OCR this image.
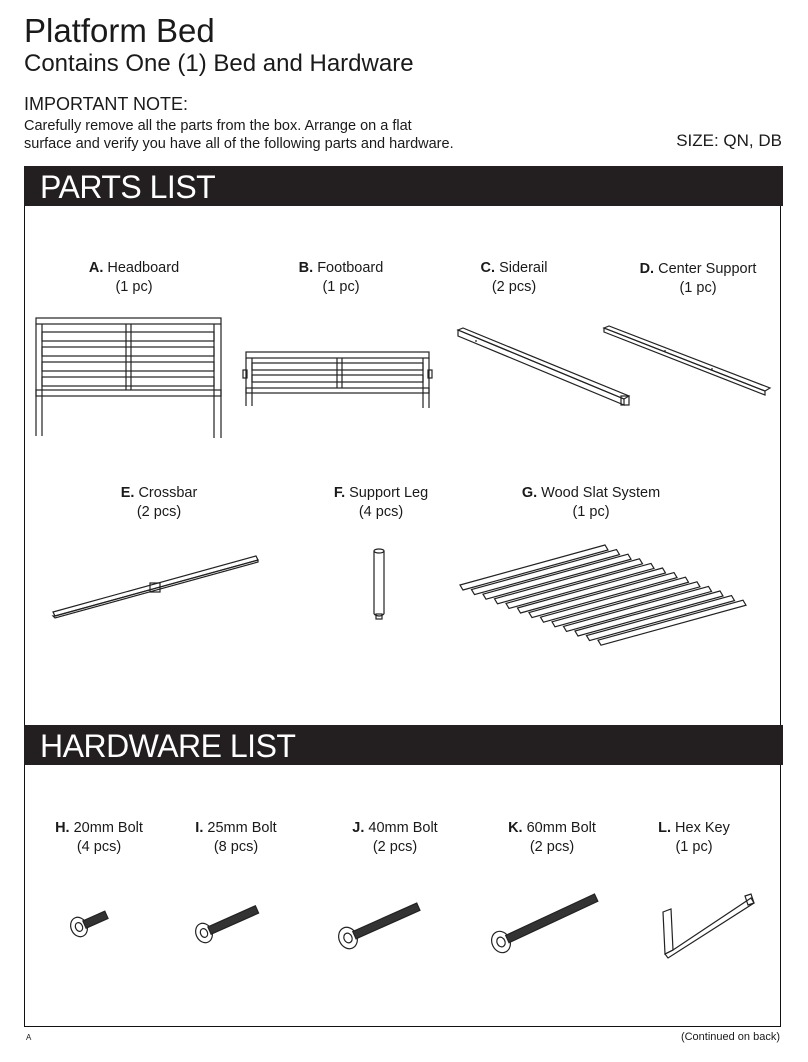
Platform Bed
Contains One (1) Bed and Hardware
IMPORTANT NOTE:
Carefully remove all the parts from the box. Arrange on a flat
surface and verify you have all of the following parts and hardware.	SIZE: QN, DB
PARTS LIST
HARDWARE LIST
A. Headboard
(1 pc)
B. Footboard
(1 pc)
C. Siderail
(2 pcs)
D. Center Support
(1 pc)
E. Crossbar
(2 pcs)
F. Support Leg
(4 pcs)
G. Wood Slat System
(1 pc)
H. 20mm Bolt
(4 pcs)
I. 25mm Bolt
(8 pcs)
J. 40mm Bolt
(2 pcs)
K. 60mm Bolt
(2 pcs)
L. Hex Key
(1 pc)
A	(Continued on back)
